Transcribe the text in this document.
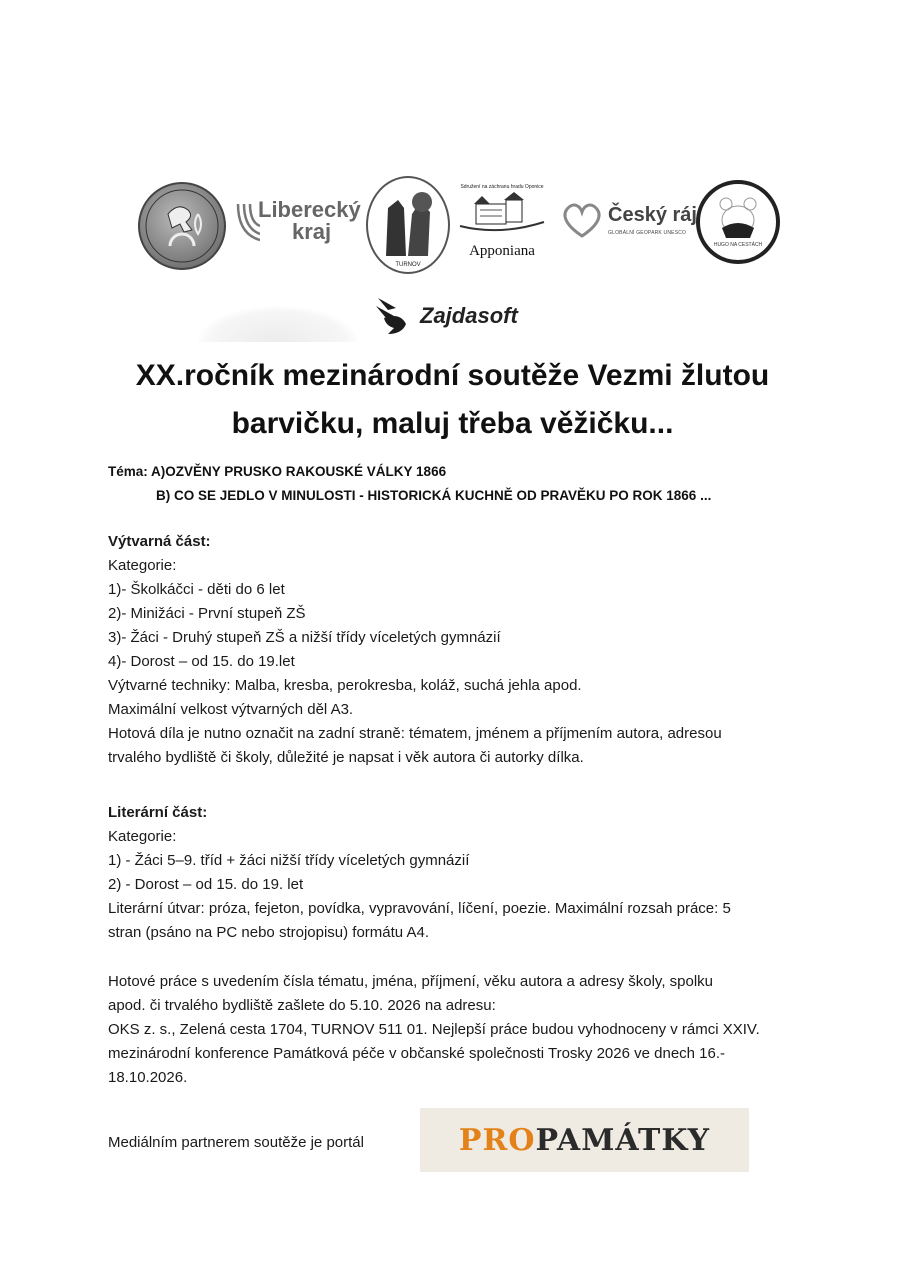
Liberecký
kraj
TURNOV
Sdružení na záchranu hradu Oponice
Apponiana
Český ráj
GLOBÁLNÍ GEOPARK UNESCO
HUGO NA CESTÁCH
Zajdasoft
XX.ročník mezinárodní soutěže Vezmi žlutou
barvičku, maluj třeba věžičku...
Téma: A)OZVĚNY PRUSKO RAKOUSKÉ VÁLKY 1866
B) CO SE JEDLO V MINULOSTI - HISTORICKÁ KUCHNĚ OD PRAVĚKU PO ROK 1866 ...
Výtvarná část:
Kategorie:
1)- Školkáčci - děti do 6 let
2)- Minižáci - První stupeň ZŠ
3)- Žáci - Druhý stupeň ZŠ a nižší třídy víceletých gymnázií
4)- Dorost – od 15. do 19.let
Výtvarné techniky: Malba, kresba, perokresba, koláž, suchá jehla apod.
Maximální velkost výtvarných děl A3.
Hotová díla je nutno označit na zadní straně: tématem, jménem a příjmením autora, adresou
trvalého bydliště či školy, důležité je napsat i věk autora či autorky dílka.
Literární část:
Kategorie:
1) - Žáci 5–9. tříd + žáci nižší třídy víceletých gymnázií
2) - Dorost – od 15. do 19. let
Literární útvar: próza, fejeton, povídka, vypravování, líčení, poezie. Maximální rozsah práce: 5
stran (psáno na PC nebo strojopisu) formátu A4.
Hotové práce s uvedením čísla tématu, jména, příjmení, věku autora a adresy školy, spolku
apod. či trvalého bydliště zašlete do 5.10. 2026 na adresu:
OKS z. s., Zelená cesta 1704, TURNOV 511 01. Nejlepší práce budou vyhodnoceny v rámci XXIV.
mezinárodní konference Památková péče v občanské společnosti Trosky 2026 ve dnech 16.-
18.10.2026.
Mediálním partnerem soutěže je portál	PRO PAMÁTKY
